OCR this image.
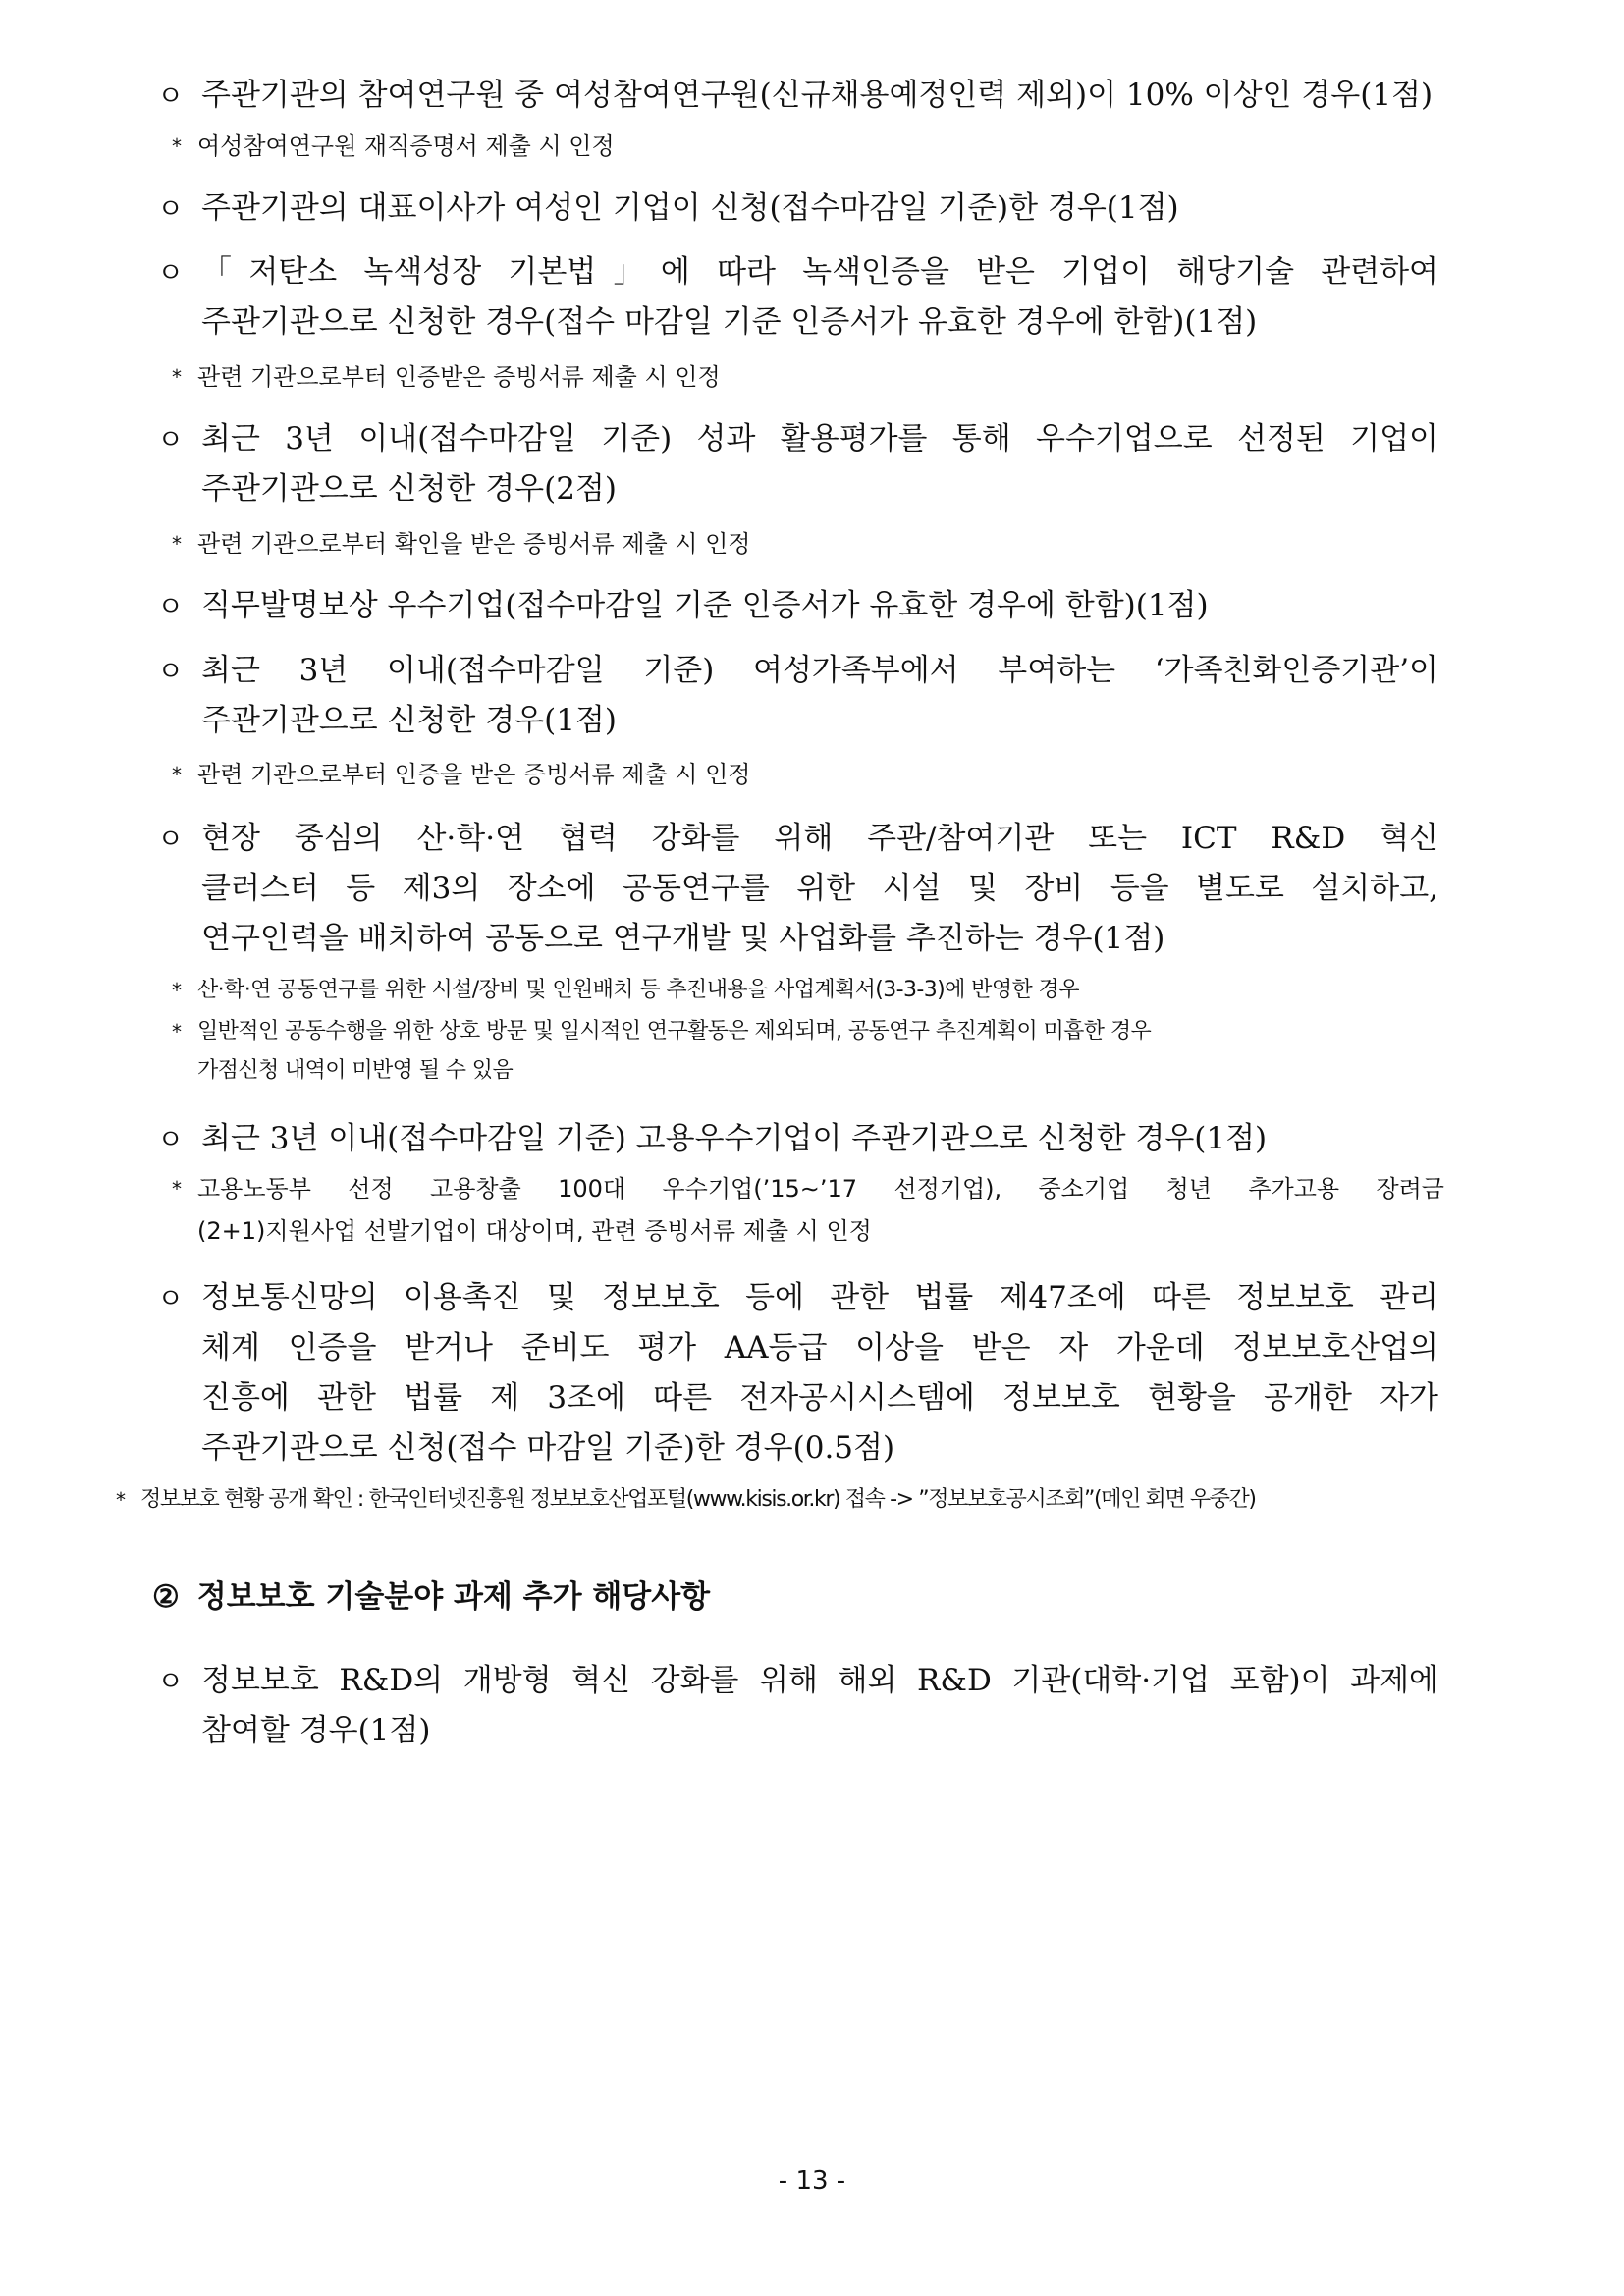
ㅇ 주관기관의 참여연구원 중 여성참여연구원(신규채용예정인력 제외)이 10% 이상인 경우(1점)
* 여성참여연구원 재직증명서 제출 시 인정
ㅇ 주관기관의 대표이사가 여성인 기업이 신청(접수마감일 기준)한 경우(1점)
ㅇ 「저탄소 녹색성장 기본법」에 따라 녹색인증을 받은 기업이 해당기술 관련하여
주관기관으로 신청한 경우(접수 마감일 기준 인증서가 유효한 경우에 한함)(1점)
* 관련 기관으로부터 인증받은 증빙서류 제출 시 인정
ㅇ 최근 3년 이내(접수마감일 기준) 성과 활용평가를 통해 우수기업으로 선정된 기업이
주관기관으로 신청한 경우(2점)
* 관련 기관으로부터 확인을 받은 증빙서류 제출 시 인정
ㅇ 직무발명보상 우수기업(접수마감일 기준 인증서가 유효한 경우에 한함)(1점)
ㅇ 최근 3년 이내(접수마감일 기준) 여성가족부에서 부여하는 ‘가족친화인증기관’이
주관기관으로 신청한 경우(1점)
* 관련 기관으로부터 인증을 받은 증빙서류 제출 시 인정
ㅇ 현장 중심의 산·학·연 협력 강화를 위해 주관/참여기관 또는 ICT R&D 혁신
클러스터 등 제3의 장소에 공동연구를 위한 시설 및 장비 등을 별도로 설치하고,
연구인력을 배치하여 공동으로 연구개발 및 사업화를 추진하는 경우(1점)
* 산·학·연 공동연구를 위한 시설/장비 및 인원배치 등 추진내용을 사업계획서(3-3-3)에 반영한 경우
* 일반적인 공동수행을 위한 상호 방문 및 일시적인 연구활동은 제외되며, 공동연구 추진계획이 미흡한 경우
가점신청 내역이 미반영 될 수 있음
ㅇ 최근 3년 이내(접수마감일 기준) 고용우수기업이 주관기관으로 신청한 경우(1점)
* 고용노동부 선정 고용창출 100대 우수기업(’15∼’17 선정기업), 중소기업 청년 추가고용 장려금
(2+1)지원사업 선발기업이 대상이며, 관련 증빙서류 제출 시 인정
ㅇ 정보통신망의 이용촉진 및 정보보호 등에 관한 법률 제47조에 따른 정보보호 관리
체계 인증을 받거나 준비도 평가 AA등급 이상을 받은 자 가운데 정보보호산업의
진흥에 관한 법률 제 3조에 따른 전자공시시스템에 정보보호 현황을 공개한 자가
주관기관으로 신청(접수 마감일 기준)한 경우(0.5점)
* 정보보호 현황 공개 확인 : 한국인터넷진흥원 정보보호산업포털(www.kisis.or.kr) 접속 -> ”정보보호공시조회”(메인 회면 우중간)
② 정보보호 기술분야 과제 추가 해당사항
ㅇ 정보보호 R&D의 개방형 혁신 강화를 위해 해외 R&D 기관(대학·기업 포함)이 과제에
참여할 경우(1점)
- 13 -
